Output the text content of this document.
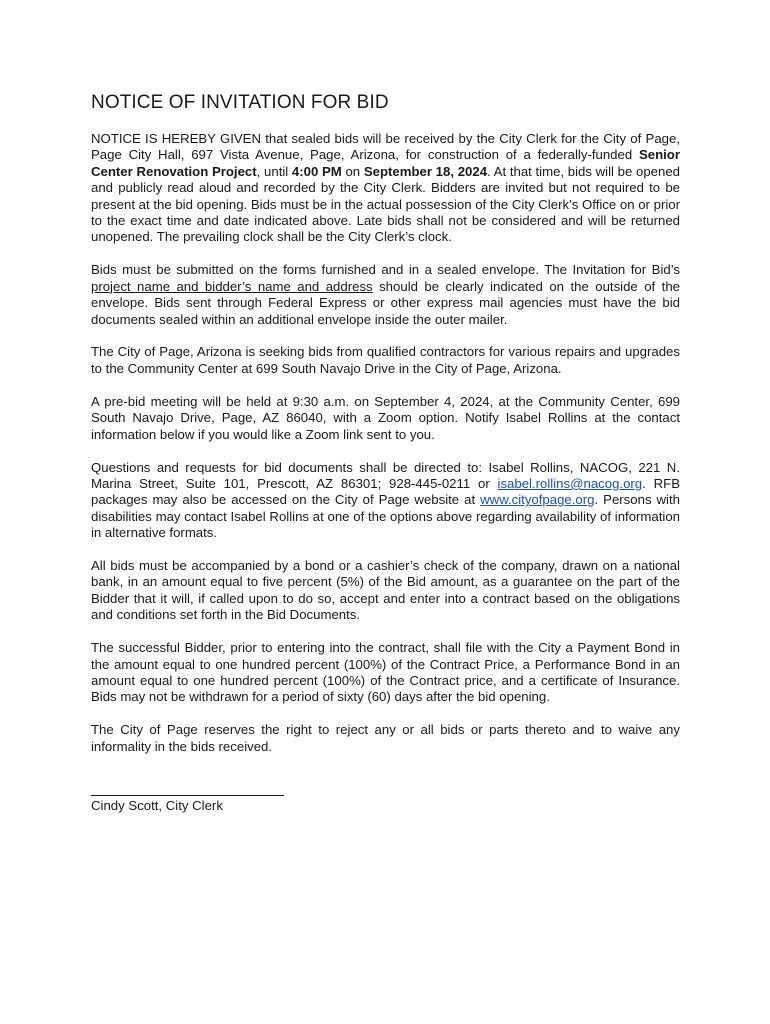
NOTICE OF INVITATION FOR BID

NOTICE IS HEREBY GIVEN that sealed bids will be received by the City Clerk for the City of Page, Page City Hall, 697 Vista Avenue, Page, Arizona, for construction of a federally-funded Senior Center Renovation Project, until 4:00 PM on September 18, 2024. At that time, bids will be opened and publicly read aloud and recorded by the City Clerk. Bidders are invited but not required to be present at the bid opening. Bids must be in the actual possession of the City Clerk’s Office on or prior to the exact time and date indicated above. Late bids shall not be considered and will be returned unopened. The prevailing clock shall be the City Clerk’s clock.

Bids must be submitted on the forms furnished and in a sealed envelope. The Invitation for Bid’s project name and bidder’s name and address should be clearly indicated on the outside of the envelope. Bids sent through Federal Express or other express mail agencies must have the bid documents sealed within an additional envelope inside the outer mailer.

The City of Page, Arizona is seeking bids from qualified contractors for various repairs and upgrades to the Community Center at 699 South Navajo Drive in the City of Page, Arizona.

A pre-bid meeting will be held at 9:30 a.m. on September 4, 2024, at the Community Center, 699 South Navajo Drive, Page, AZ 86040, with a Zoom option. Notify Isabel Rollins at the contact information below if you would like a Zoom link sent to you.

Questions and requests for bid documents shall be directed to: Isabel Rollins, NACOG, 221 N. Marina Street, Suite 101, Prescott, AZ 86301; 928-445-0211 or isabel.rollins@nacog.org. RFB packages may also be accessed on the City of Page website at www.cityofpage.org. Persons with disabilities may contact Isabel Rollins at one of the options above regarding availability of information in alternative formats.

All bids must be accompanied by a bond or a cashier’s check of the company, drawn on a national bank, in an amount equal to five percent (5%) of the Bid amount, as a guarantee on the part of the Bidder that it will, if called upon to do so, accept and enter into a contract based on the obligations and conditions set forth in the Bid Documents.

The successful Bidder, prior to entering into the contract, shall file with the City a Payment Bond in the amount equal to one hundred percent (100%) of the Contract Price, a Performance Bond in an amount equal to one hundred percent (100%) of the Contract price, and a certificate of Insurance. Bids may not be withdrawn for a period of sixty (60) days after the bid opening.

The City of Page reserves the right to reject any or all bids or parts thereto and to waive any informality in the bids received.

Cindy Scott, City Clerk
